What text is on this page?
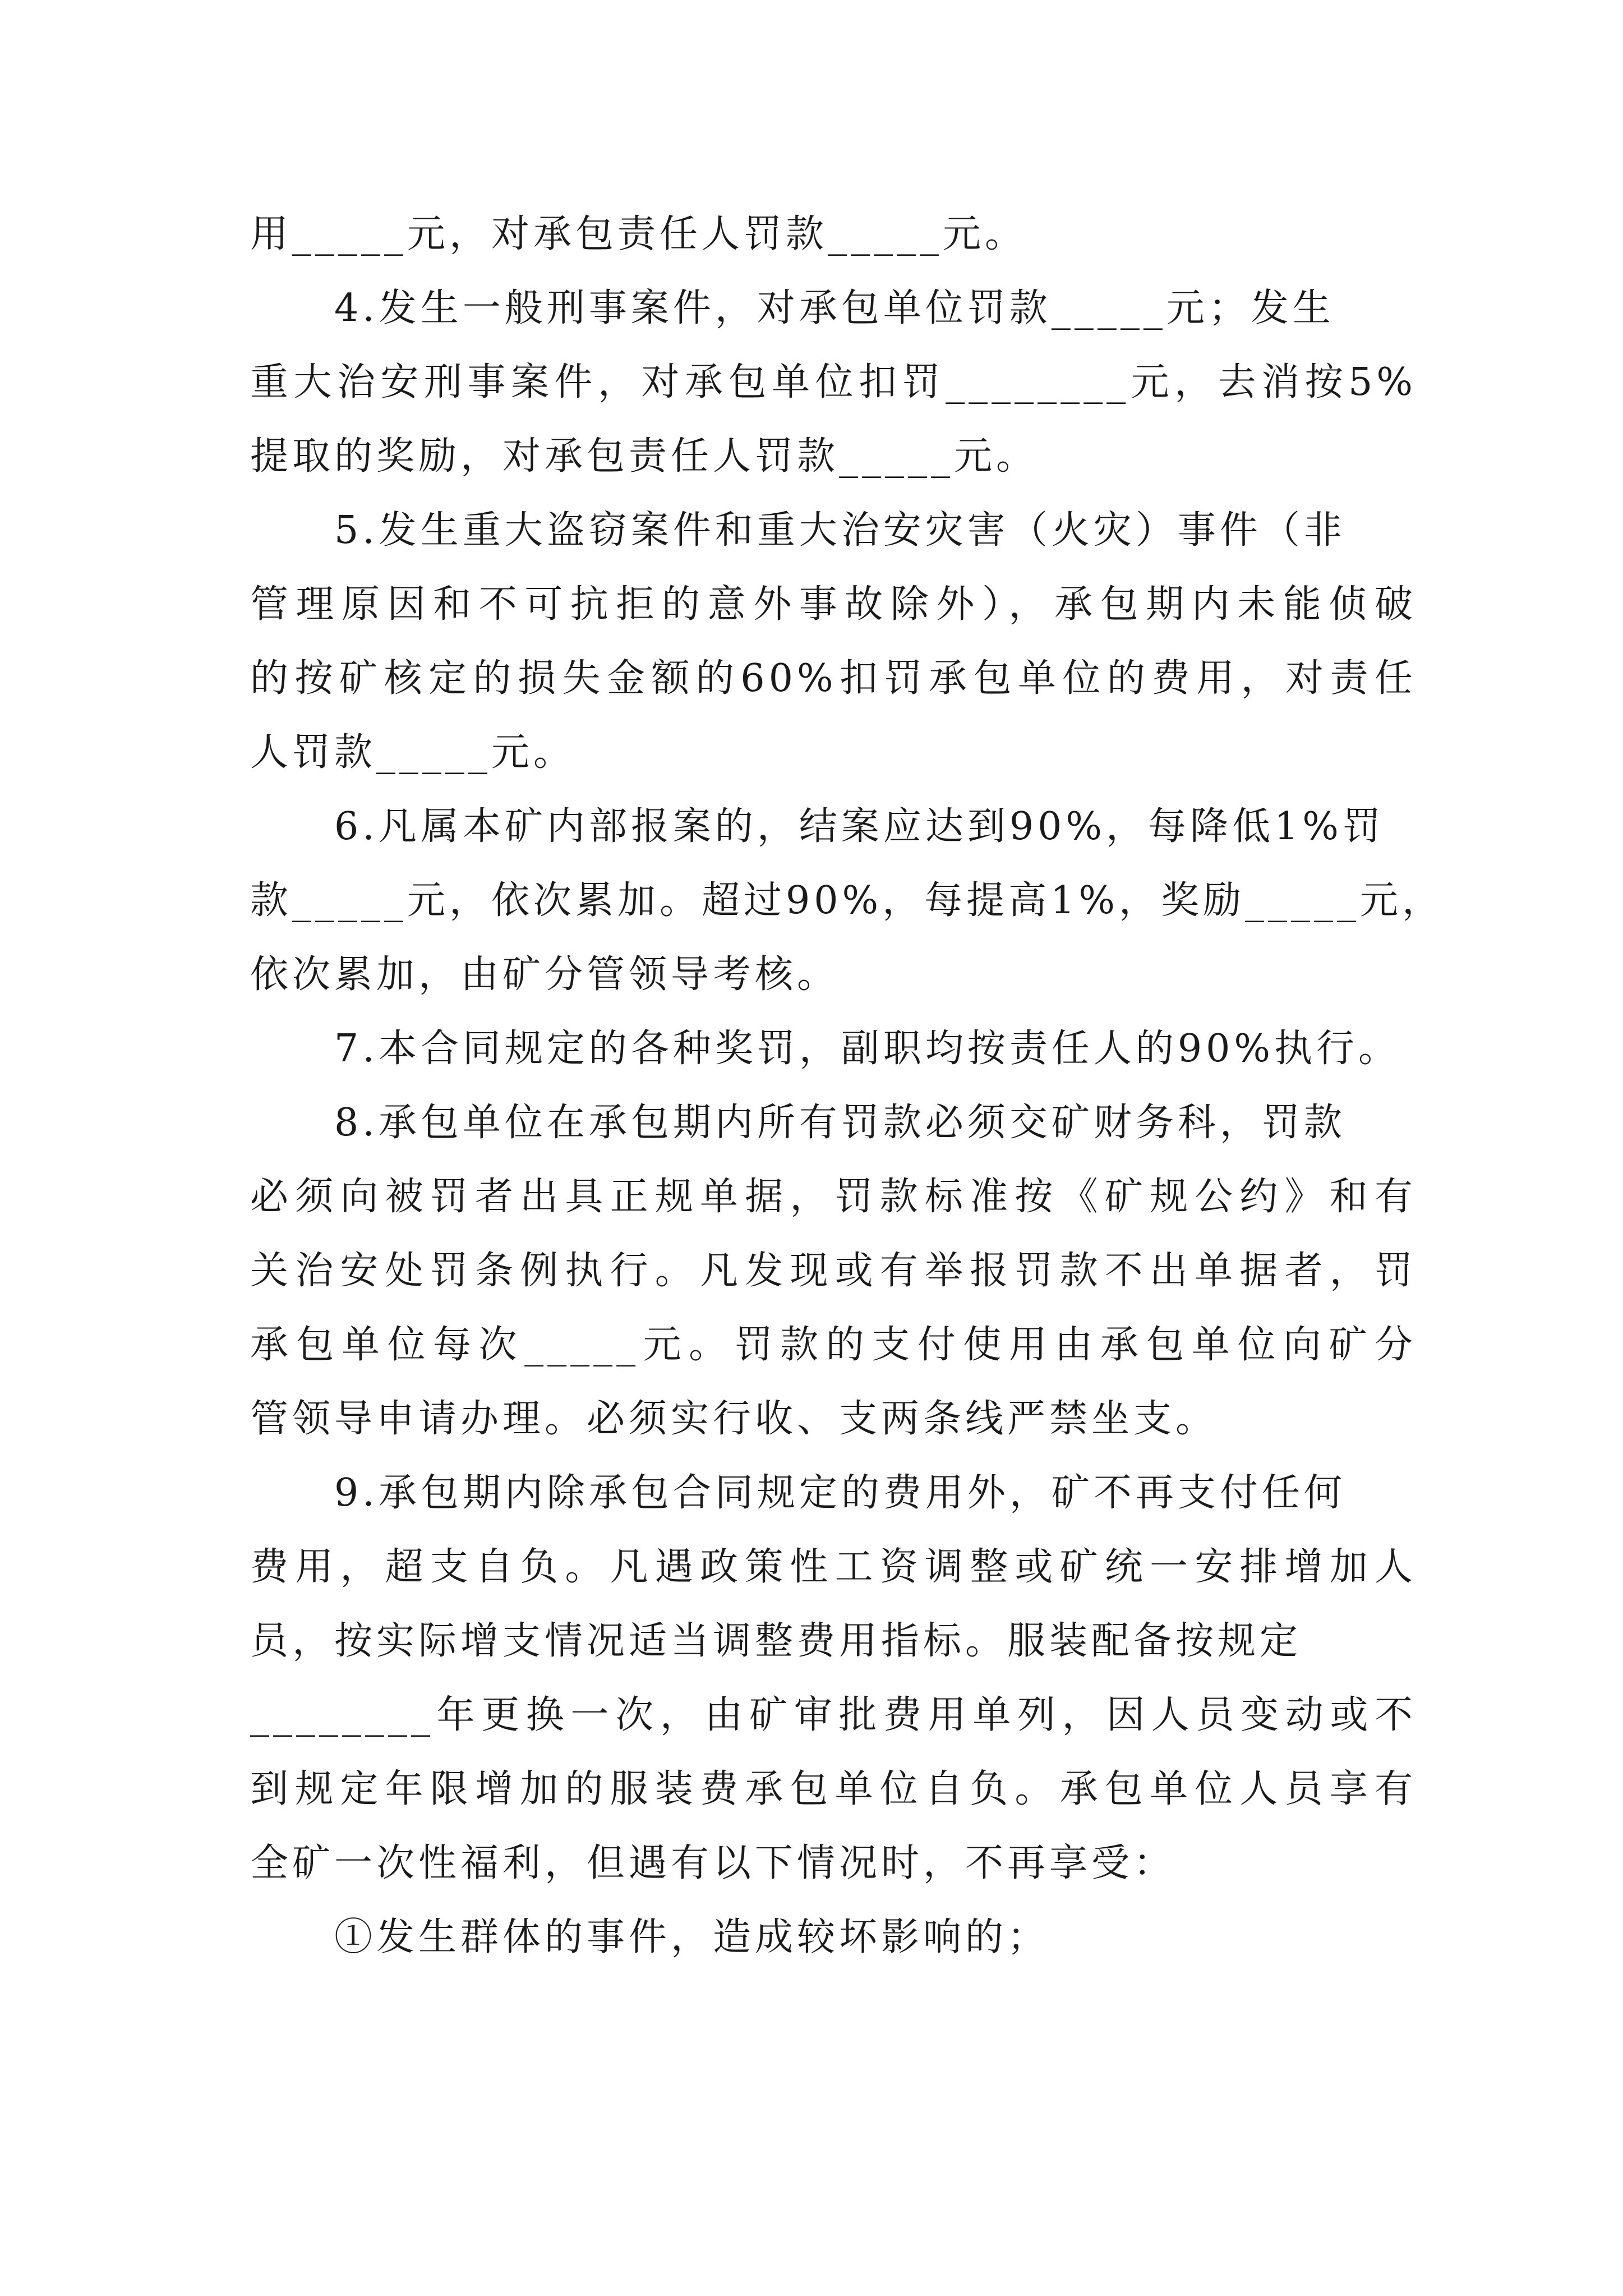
用_____元，对承包责任人罚款_____元。
4.发生一般刑事案件，对承包单位罚款_____元；发生
重大治安刑事案件，对承包单位扣罚________元，去消按5%
提取的奖励，对承包责任人罚款_____元。
5.发生重大盗窃案件和重大治安灾害（火灾）事件（非
管理原因和不可抗拒的意外事故除外），承包期内未能侦破
的按矿核定的损失金额的60%扣罚承包单位的费用，对责任
人罚款_____元。
6.凡属本矿内部报案的，结案应达到90%，每降低1%罚
款_____元，依次累加。超过90%，每提高1%，奖励_____元，
依次累加，由矿分管领导考核。
7.本合同规定的各种奖罚，副职均按责任人的90%执行。
8.承包单位在承包期内所有罚款必须交矿财务科，罚款
必须向被罚者出具正规单据，罚款标准按《矿规公约》和有
关治安处罚条例执行。凡发现或有举报罚款不出单据者，罚
承包单位每次_____元。罚款的支付使用由承包单位向矿分
管领导申请办理。必须实行收、支两条线严禁坐支。
9.承包期内除承包合同规定的费用外，矿不再支付任何
费用，超支自负。凡遇政策性工资调整或矿统一安排增加人
员，按实际增支情况适当调整费用指标。服装配备按规定
________年更换一次，由矿审批费用单列，因人员变动或不
到规定年限增加的服装费承包单位自负。承包单位人员享有
全矿一次性福利，但遇有以下情况时，不再享受：
①发生群体的事件，造成较坏影响的；
